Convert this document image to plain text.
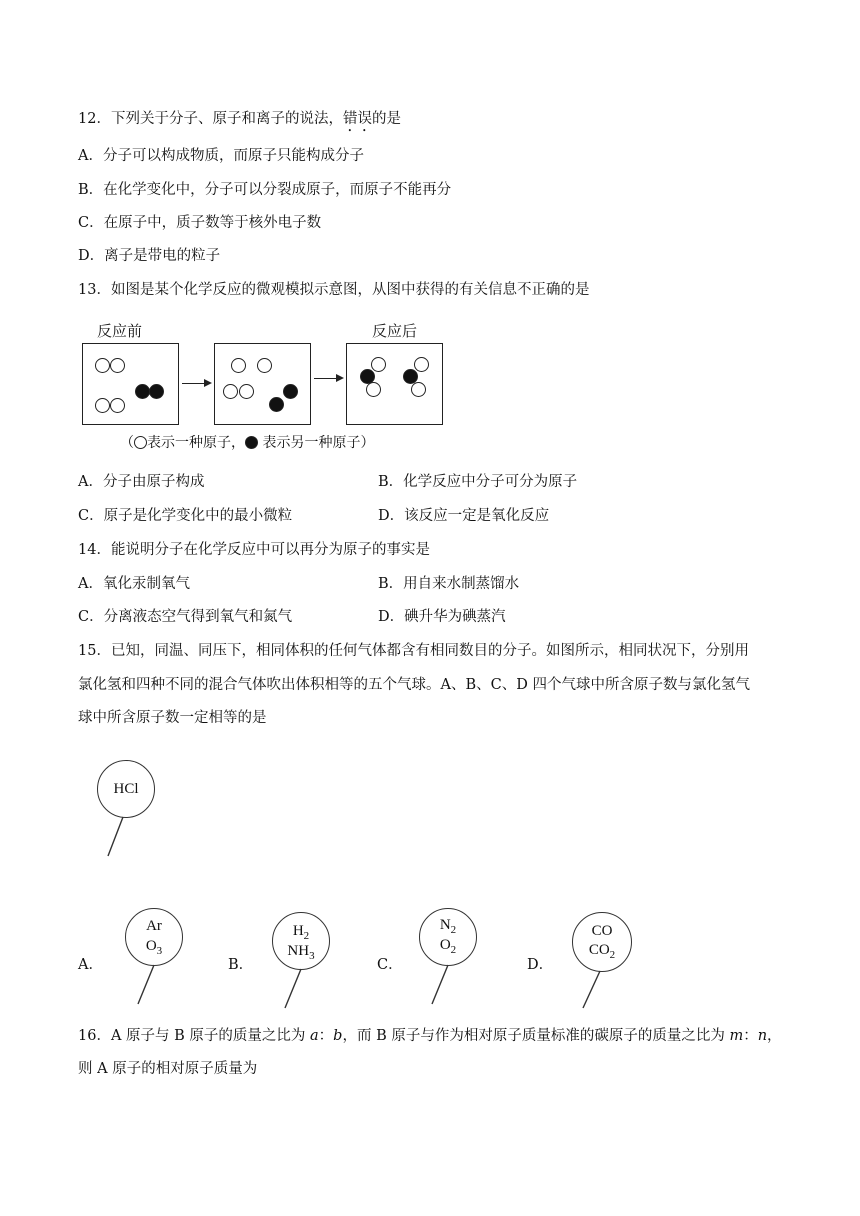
12．下列关于分子、原子和离子的说法，错误的是
A．分子可以构成物质，而原子只能构成分子
B．在化学变化中，分子可以分裂成原子，而原子不能再分
C．在原子中，质子数等于核外电子数
D．离子是带电的粒子
13．如图是某个化学反应的微观模拟示意图，从图中获得的有关信息不正确的是
反应前	反应后
（ 表示一种原子， 表示另一种原子）
A．分子由原子构成	B．化学反应中分子可分为原子
C．原子是化学变化中的最小微粒	D．该反应一定是氧化反应
14．能说明分子在化学反应中可以再分为原子的事实是
A．氧化汞制氧气	B．用自来水制蒸馏水
C．分离液态空气得到氧气和氮气	D．碘升华为碘蒸汽
15．已知，同温、同压下，相同体积的任何气体都含有相同数目的分子。如图所示，相同状况下，分别用
氯化氢和四种不同的混合气体吹出体积相等的五个气球。A、B、C、D 四个气球中所含原子数与氯化氢气
球中所含原子数一定相等的是
HCl
A．
Ar
$O_3$
B．
$H_2$
$NH_3$
C．
$N_2$
$O_2$
D．
CO
$CO_2$
16．A 原子与 B 原子的质量之比为 a：b，而 B 原子与作为相对原子质量标准的碳原子的质量之比为 m：n，
则 A 原子的相对原子质量为
